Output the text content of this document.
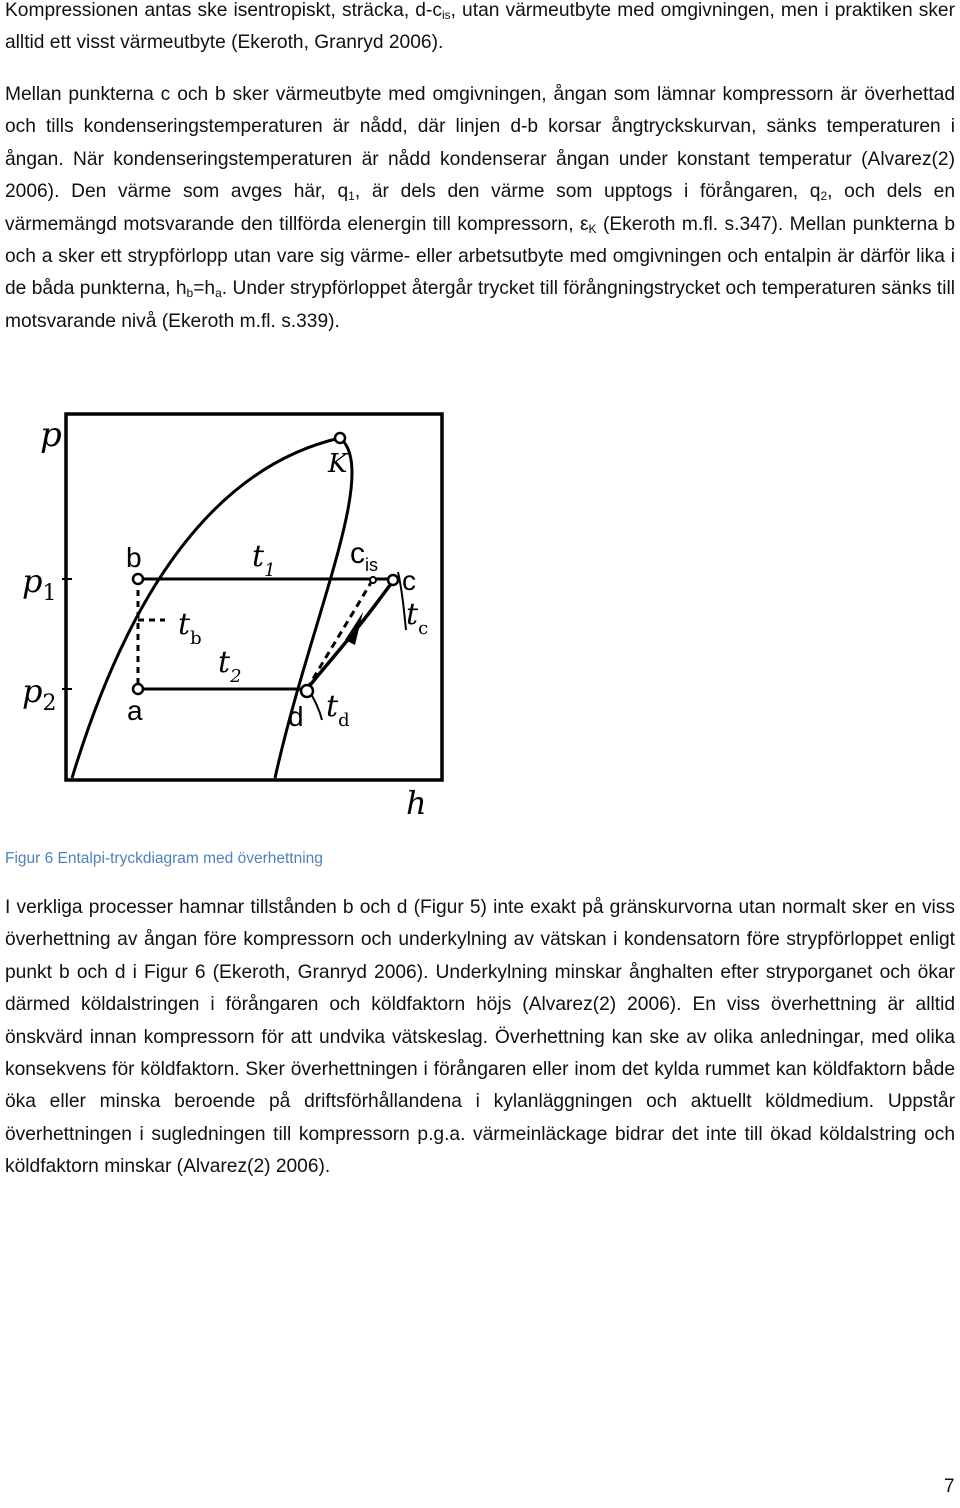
Kompressionen antas ske isentropiskt, sträcka, $d-c_{is}$, utan värmeutbyte med omgivningen, men i praktiken sker alltid ett visst värmeutbyte (Ekeroth, Granryd 2006).

Mellan punkterna c och b sker värmeutbyte med omgivningen, ångan som lämnar kompressorn är överhettad och tills kondenseringstemperaturen är nådd, där linjen d-b korsar ångtryckskurvan, sänks temperaturen i ångan. När kondenseringstemperaturen är nådd kondenserar ångan under konstant temperatur (Alvarez(2) 2006). Den värme som avges här, $q_1$, är dels den värme som upptogs i förångaren, $q_2$, och dels en värmemängd motsvarande den tillförda elenergin till kompressorn, $\varepsilon_K$ (Ekeroth m.fl. s.347). Mellan punkterna b och a sker ett strypförlopp utan vare sig värme- eller arbetsutbyte med omgivningen och entalpin är därför lika i de båda punkterna, $h_b=h_a$. Under strypförloppet återgår trycket till förångningstrycket och temperaturen sänks till motsvarande nivå (Ekeroth m.fl. s.339).

p
K
$p_1$
$p_2$
b
a	d
c
$c_{is}$
$t_1$
$t_2$
$t_b$
$t_c$
$t_d$
h

Figur 6 Entalpi-tryckdiagram med överhettning

I verkliga processer hamnar tillstånden b och d (Figur 5) inte exakt på gränskurvorna utan normalt sker en viss överhettning av ångan före kompressorn och underkylning av vätskan i kondensatorn före strypförloppet enligt punkt b och d i Figur 6 (Ekeroth, Granryd 2006). Underkylning minskar ånghalten efter stryporganet och ökar därmed köldalstringen i förångaren och köldfaktorn höjs (Alvarez(2) 2006). En viss överhettning är alltid önskvärd innan kompressorn för att undvika vätskeslag. Överhettning kan ske av olika anledningar, med olika konsekvens för köldfaktorn. Sker överhettningen i förångaren eller inom det kylda rummet kan köldfaktorn både öka eller minska beroende på driftsförhållandena i kylanläggningen och aktuellt köldmedium. Uppstår överhettningen i sugledningen till kompressorn p.g.a. värmeinläckage bidrar det inte till ökad köldalstring och köldfaktorn minskar (Alvarez(2) 2006).

7
